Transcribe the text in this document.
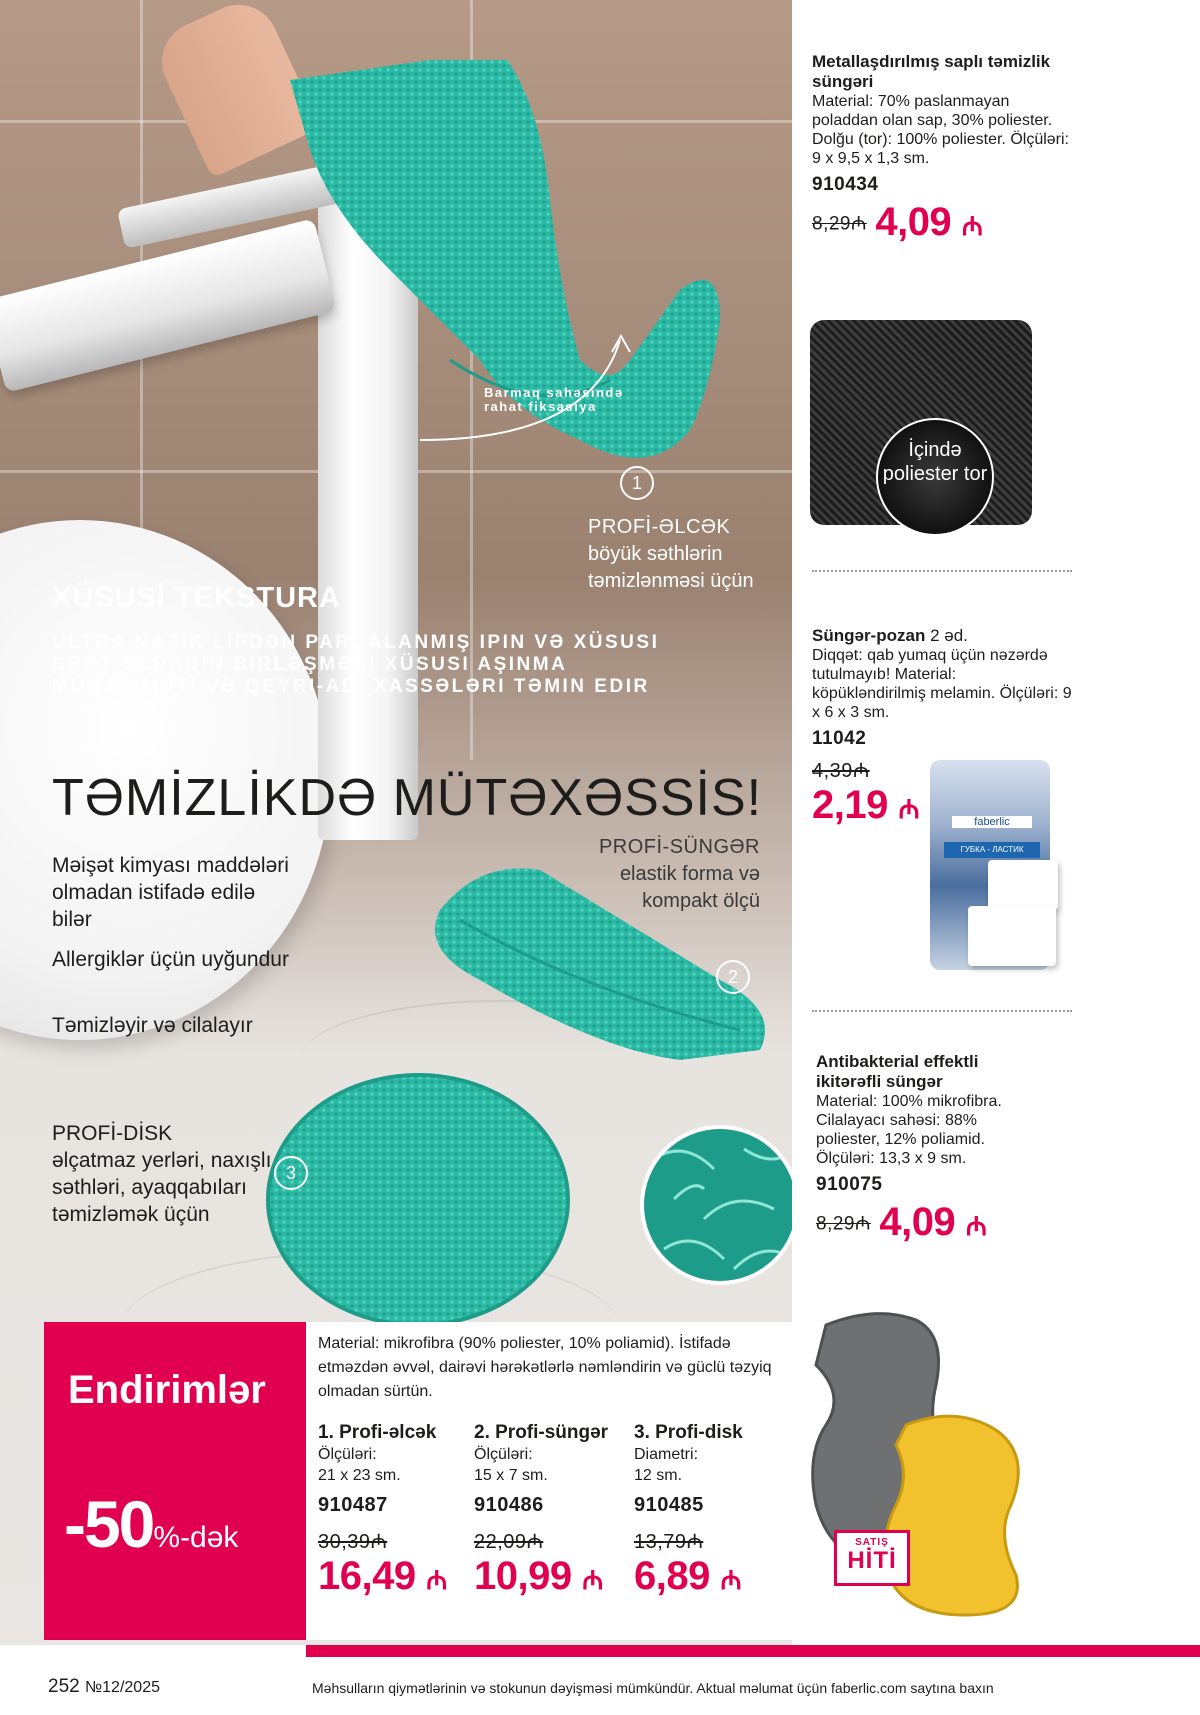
Barmaq sahəsində rahat fiksasiya
1
PROFİ-ƏLCƏK
böyük səthlərin təmizlənməsi üçün
XÜSUSİ TEKSTURA
ULTRA NAZIK LIFDƏN PARÇALANMIŞ IPIN VƏ XÜSUSI SƏRT SKRABIN BIRLƏŞMƏSI XÜSUSI AŞINMA MÜQAVIMƏTI VƏ QEYRI-ADI XASSƏLƏRI TƏMIN EDIR
TƏMİZLİKDƏ MÜTƏXƏSSİS!
Məişət kimyası maddələri olmadan istifadə edilə bilər
Allergiklər üçün uyğundur
Təmizləyir və cilalayır
2
PROFİ-SÜNGƏR
elastik forma və kompakt ölçü
3
PROFİ-DİSK
əlçatmaz yerləri, naxışlı səthləri, ayaqqabıları təmizləmək üçün
Endirimlər
-50%-dək
Material: mikrofibra (90% poliester, 10% poliamid). İstifadə etməzdən əvvəl, dairəvi hərəkətlərlə nəmləndirin və güclü təzyiq olmadan sürtün.
1. Profi-əlcək
Ölçüləri:
21 x 23 sm.
910487
30,39₼
16,49 ₼
2. Profi-süngər
Ölçüləri:
15 x 7 sm.
910486
22,09₼
10,99 ₼
3. Profi-disk
Diametri:
12 sm.
910485
13,79₼
6,89 ₼
Metallaşdırılmış saplı təmizlik süngəri
Material: 70% paslanmayan poladdan olan sap, 30% poliester. Dolğu (tor): 100% poliester. Ölçüləri: 9 x 9,5 x 1,3 sm.
910434
8,29₼ 4,09 ₼
İçində poliester tor
Süngər-pozan 2 əd.
Diqqət: qab yumaq üçün nəzərdə tutulmayıb! Material: köpükləndirilmiş melamin. Ölçüləri: 9 x 6 x 3 sm.
11042
4,39₼
2,19 ₼	faberlic
ГУБКА - ЛАСТИК
Antibakterial effektli ikitərəfli süngər
Material: 100% mikrofibra. Cilalayacı sahəsi: 88% poliester, 12% poliamid. Ölçüləri: 13,3 x 9 sm.
910075
8,29₼ 4,09 ₼
SATIŞ
HİTİ
252 №12/2025	Məhsulların qiymətlərinin və stokunun dəyişməsi mümkündür. Aktual məlumat üçün faberlic.com saytına baxın
